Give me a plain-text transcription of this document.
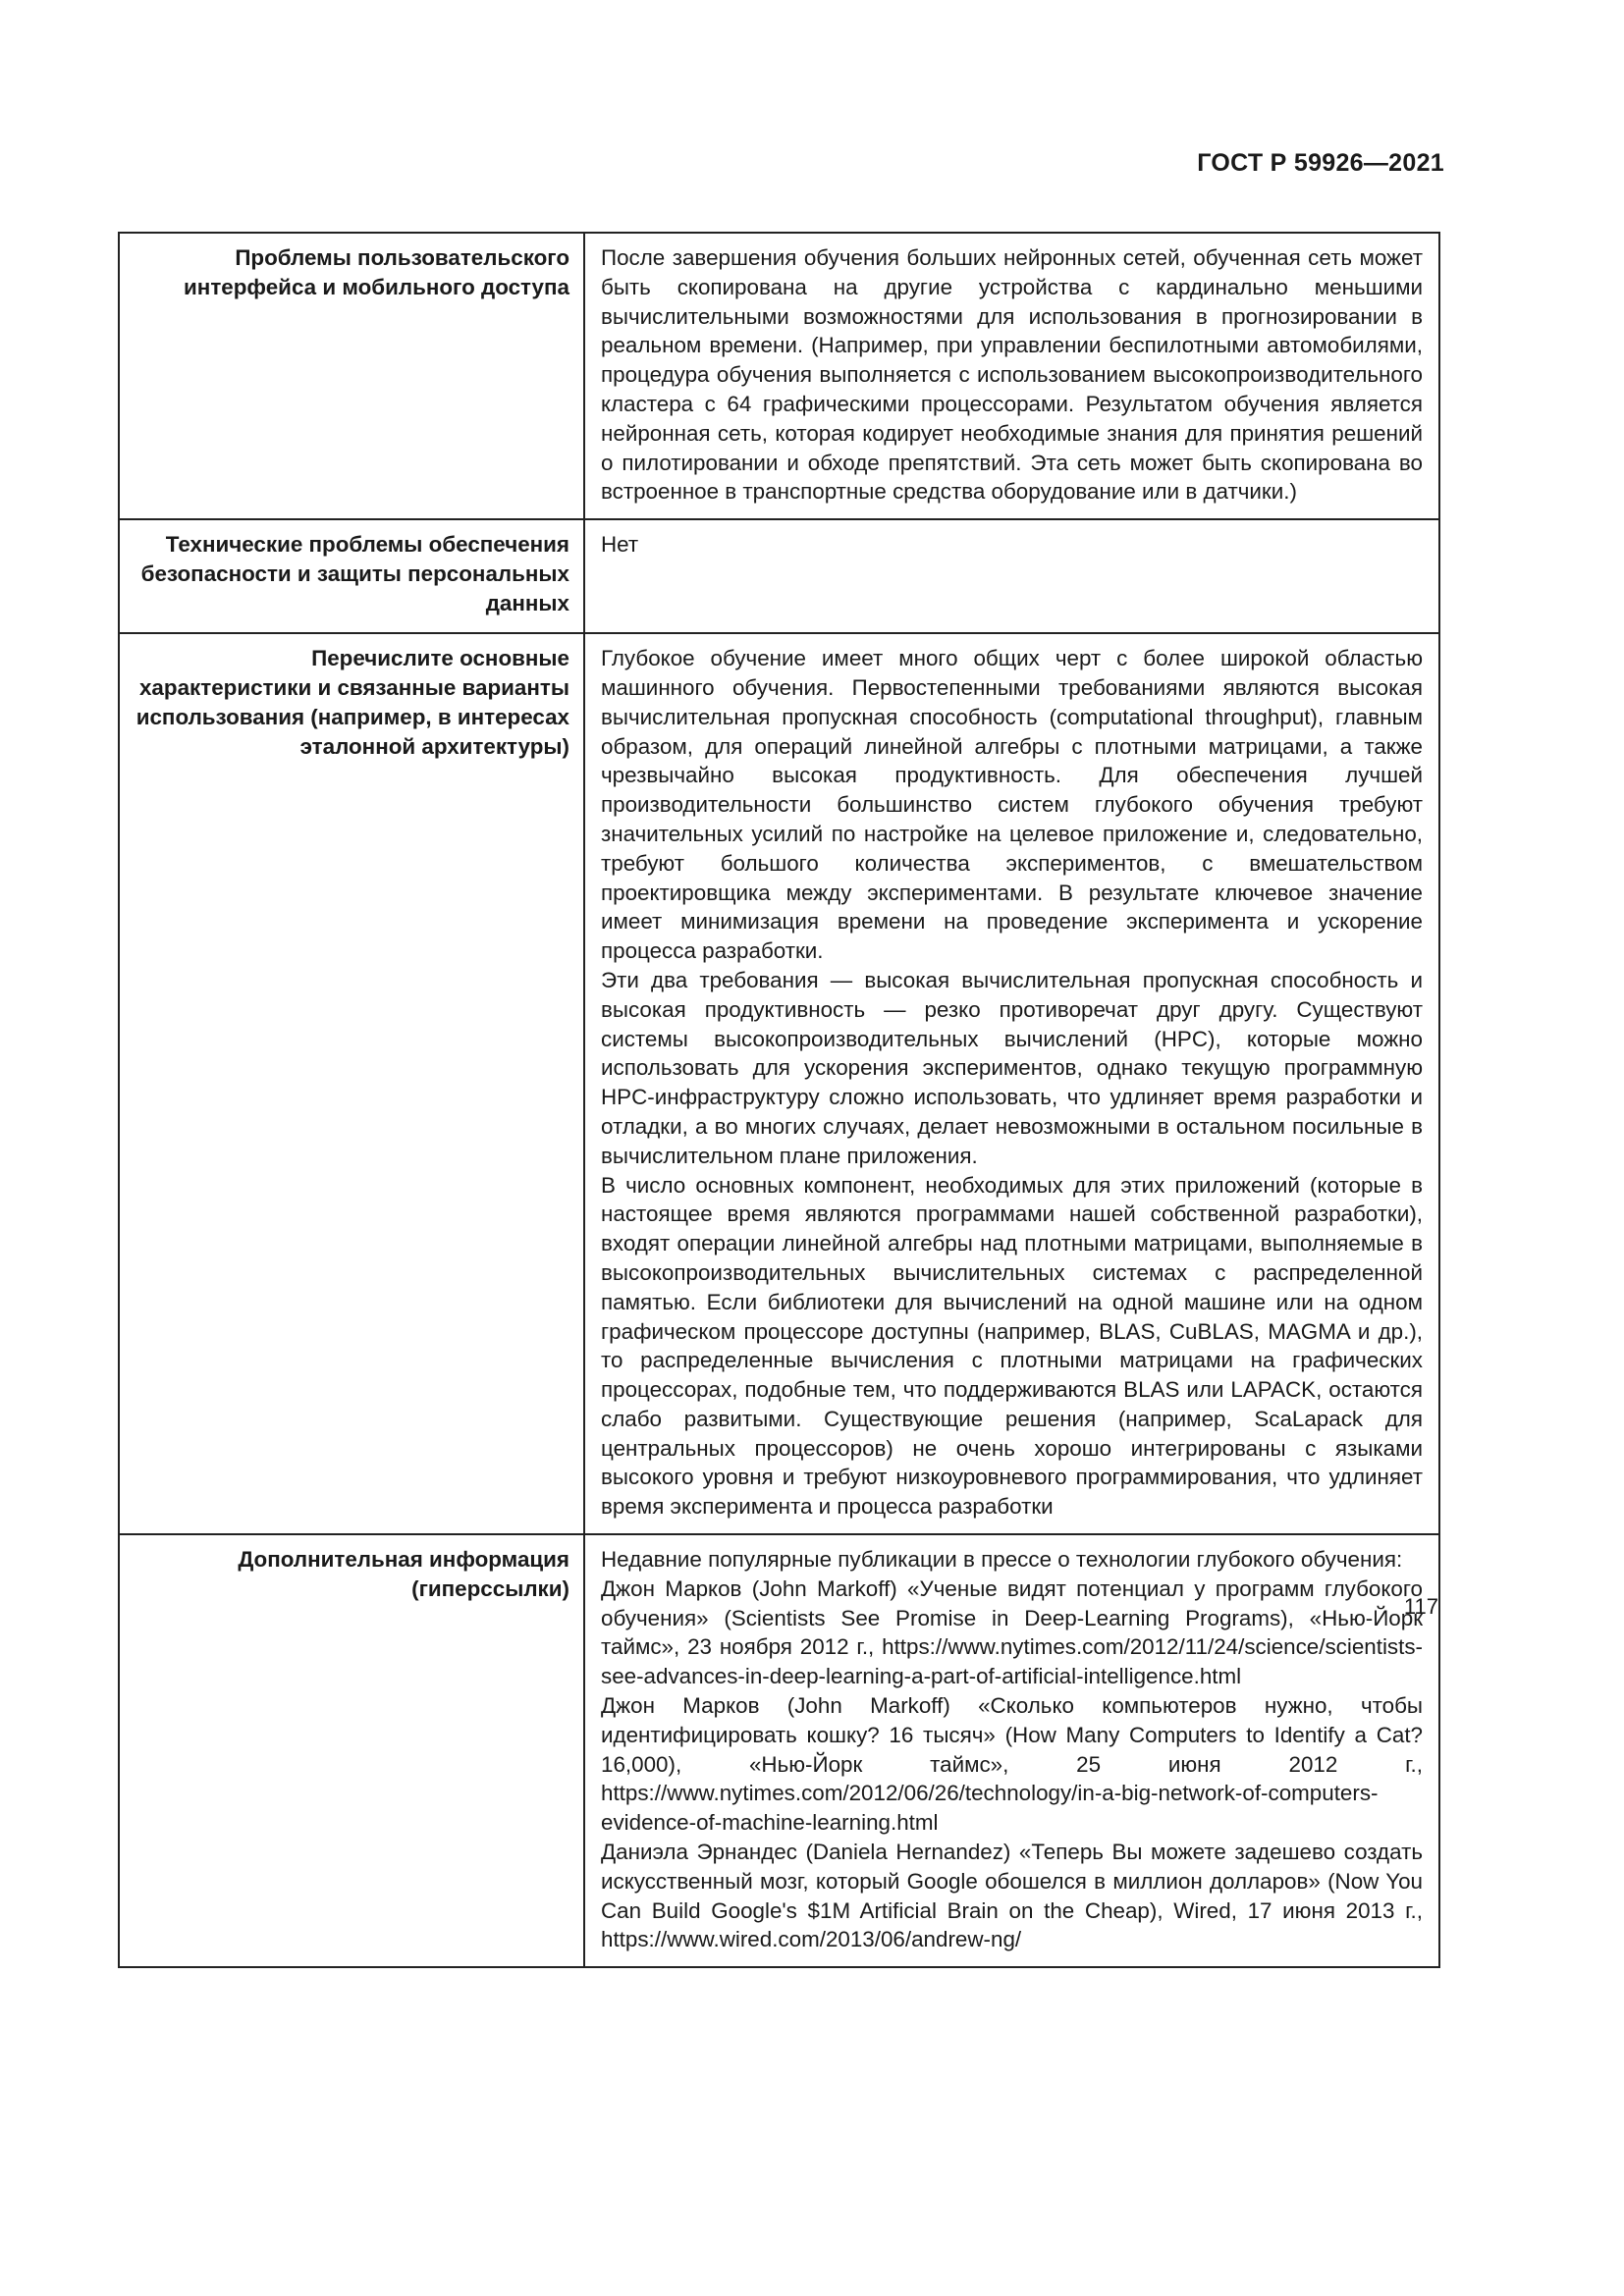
ГОСТ Р 59926—2021
Проблемы пользовательского интерфейса и мобильного доступа	После завершения обучения больших нейронных сетей, обученная сеть может быть скопирована на другие устройства с кардинально меньшими вычислительными возможностями для использования в прогнозировании в реальном времени. (Например, при управлении беспилотными автомобилями, процедура обучения выполняется с использованием высокопроизводительного кластера с 64 графическими процессорами. Результатом обучения является нейронная сеть, которая кодирует необходимые знания для принятия решений о пилотировании и обходе препятствий. Эта сеть может быть скопирована во встроенное в транспортные средства оборудование или в датчики.)

Технические проблемы обеспечения безопасности и защиты персональных данных	Нет

Перечислите основные характеристики и связанные варианты использования (например, в интересах эталонной архитектуры)	Глубокое обучение имеет много общих черт с более широкой областью машинного обучения. Первостепенными требованиями являются высокая вычислительная пропускная способность (computational throughput), главным образом, для операций линейной алгебры с плотными матрицами, а также чрезвычайно высокая продуктивность. Для обеспечения лучшей производительности большинство систем глубокого обучения требуют значительных усилий по настройке на целевое приложение и, следовательно, требуют большого количества экспериментов, с вмешательством проектировщика между экспериментами. В результате ключевое значение имеет минимизация времени на проведение эксперимента и ускорение процесса разработки.

Эти два требования — высокая вычислительная пропускная способность и высокая продуктивность — резко противоречат друг другу. Существуют системы высокопроизводительных вычислений (HPC), которые можно использовать для ускорения экспериментов, однако текущую программную HPC-инфраструктуру сложно использовать, что удлиняет время разработки и отладки, а во многих случаях, делает невозможными в остальном посильные в вычислительном плане приложения.

В число основных компонент, необходимых для этих приложений (которые в настоящее время являются программами нашей собственной разработки), входят операции линейной алгебры над плотными матрицами, выполняемые в высокопроизводительных вычислительных системах с распределенной памятью. Если библиотеки для вычислений на одной машине или на одном графическом процессоре доступны (например, BLAS, CuBLAS, MAGMA и др.), то распределенные вычисления с плотными матрицами на графических процессорах, подобные тем, что поддерживаются BLAS или LAPACK, остаются слабо развитыми. Существующие решения (например, ScaLapack для центральных процессоров) не очень хорошо интегрированы с языками высокого уровня и требуют низкоуровневого программирования, что удлиняет время эксперимента и процесса разработки

Дополнительная информация (гиперссылки)	Недавние популярные публикации в прессе о технологии глубокого обучения:

Джон Марков (John Markoff) «Ученые видят потенциал у программ глубокого обучения» (Scientists See Promise in Deep-Learning Programs), «Нью-Йорк таймс», 23 ноября 2012 г., https://www.nytimes.com/2012/11/24/science/scientists-see-advances-in-deep-learning-a-part-of-artificial-intelligence.html

Джон Марков (John Markoff) «Сколько компьютеров нужно, чтобы идентифицировать кошку? 16 тысяч» (How Many Computers to Identify a Cat? 16,000), «Нью-Йорк таймс», 25 июня 2012 г., https://www.nytimes.com/2012/06/26/technology/in-a-big-network-of-computers-evidence-of-machine-learning.html

Даниэла Эрнандес (Daniela Hernandez) «Теперь Вы можете задешево создать искусственный мозг, который Google обошелся в миллион долларов» (Now You Can Build Google's $1M Artificial Brain on the Cheap), Wired, 17 июня 2013 г., https://www.wired.com/2013/06/andrew-ng/

117
